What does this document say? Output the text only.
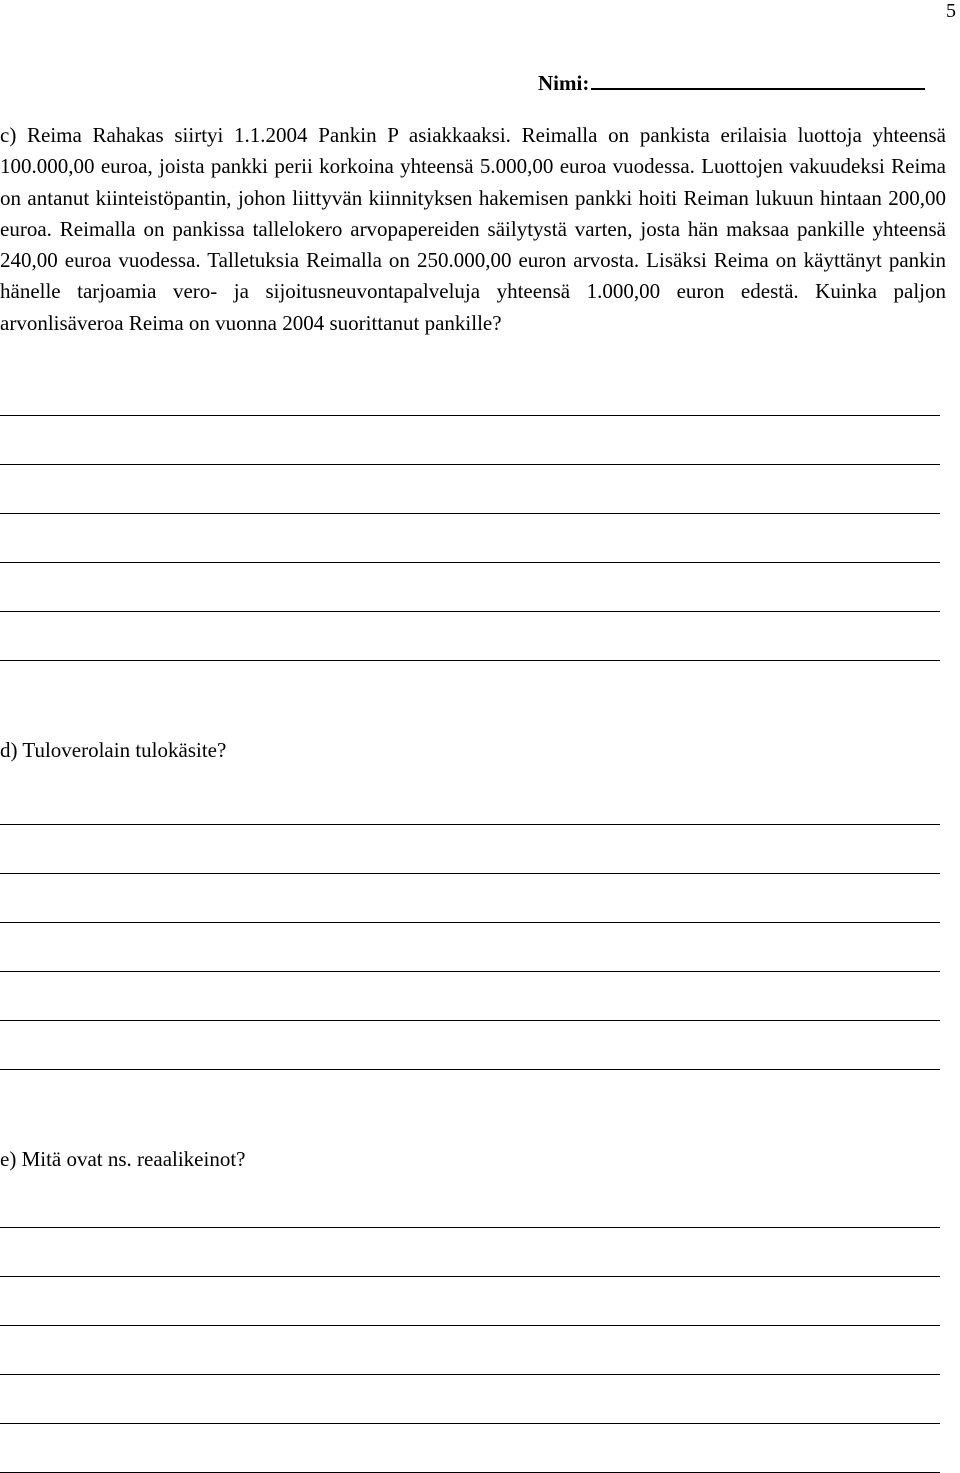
5
Nimi:
c) Reima Rahakas siirtyi 1.1.2004 Pankin P asiakkaaksi. Reimalla on pankista erilaisia luottoja yhteensä 100.000,00 euroa, joista pankki perii korkoina yhteensä 5.000,00 euroa vuodessa. Luottojen vakuudeksi Reima on antanut kiinteistöpantin, johon liittyvän kiinnityksen hakemisen pankki hoiti Reiman lukuun hintaan 200,00 euroa. Reimalla on pankissa tallelokero arvopapereiden säilytystä varten, josta hän maksaa pankille yhteensä 240,00 euroa vuodessa. Talletuksia Reimalla on 250.000,00 euron arvosta. Lisäksi Reima on käyttänyt pankin hänelle tarjoamia vero- ja sijoitusneuvontapalveluja yhteensä 1.000,00 euron edestä. Kuinka paljon arvonlisäveroa Reima on vuonna 2004 suorittanut pankille?
d) Tuloverolain tulokäsite?
e) Mitä ovat ns. reaalikeinot?
